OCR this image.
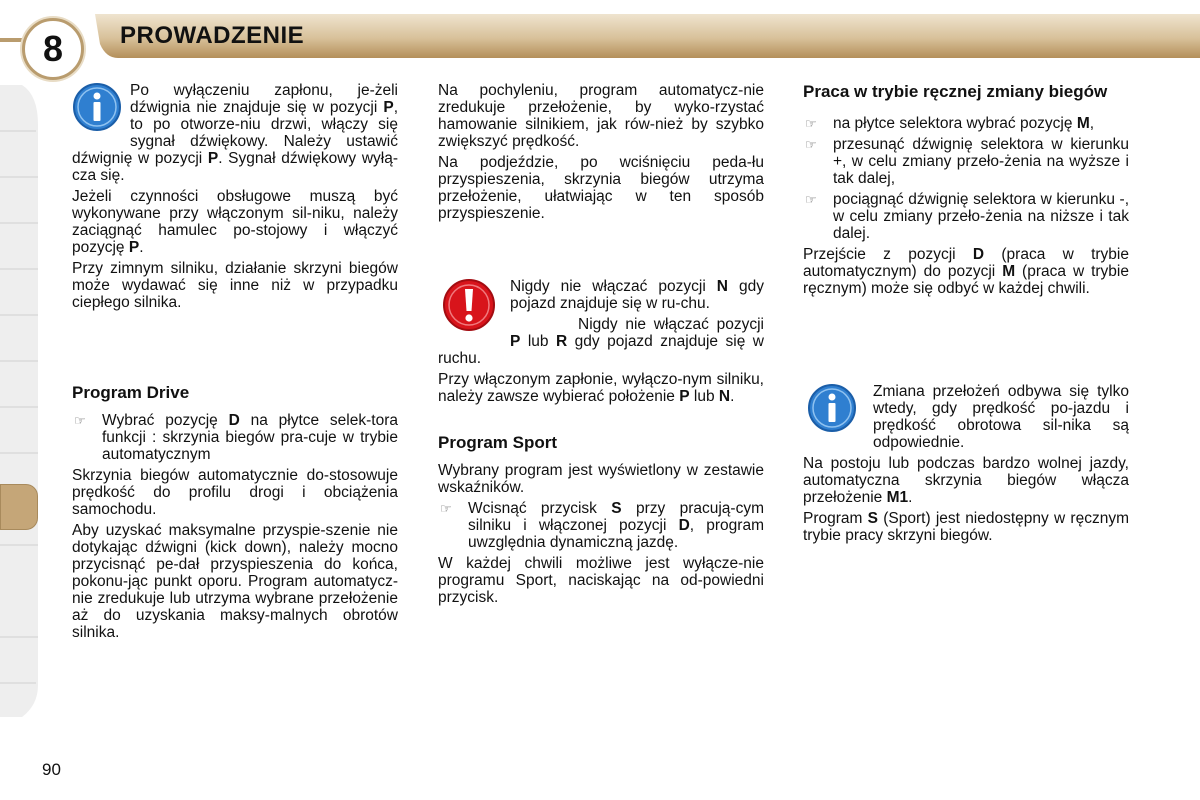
8 PROWADZENIE

Po wyłączeniu zapłonu, je-żeli dźwignia nie znajduje się w pozycji P, to po otworze-niu drzwi, włączy się sygnał dźwiękowy. Należy ustawić dźwignię w pozycji P. Sygnał dźwiękowy wyłą-cza się.

Jeżeli czynności obsługowe muszą być wykonywane przy włączonym sil-niku, należy zaciągnąć hamulec po-stojowy i włączyć pozycję P.

Przy zimnym silniku, działanie skrzyni biegów może wydawać się inne niż w przypadku ciepłego silnika.

Program Drive
☞ Wybrać pozycję D na płytce selek-tora funkcji : skrzynia biegów pra-cuje w trybie automatycznym

Skrzynia biegów automatycznie do-stosowuje prędkość do profilu drogi i obciążenia samochodu.

Aby uzyskać maksymalne przyspie-szenie nie dotykając dźwigni (kick down), należy mocno przycisnąć pe-dał przyspieszenia do końca, pokonu-jąc punkt oporu. Program automatycz-nie zredukuje lub utrzyma wybrane przełożenie aż do uzyskania maksy-malnych obrotów silnika.

Na pochyleniu, program automatycz-nie zredukuje przełożenie, by wyko-rzystać hamowanie silnikiem, jak rów-nież by szybko zwiększyć prędkość.

Na podjeździe, po wciśnięciu peda-łu przyspieszenia, skrzynia biegów utrzyma przełożenie, ułatwiając w ten sposób przyspieszenie.

Nigdy nie włączać pozycji N gdy pojazd znajduje się w ru-chu.

Nigdy nie włączać pozycji P lub R gdy pojazd znajduje się w ruchu.

Przy włączonym zapłonie, wyłączo-nym silniku, należy zawsze wybierać położenie P lub N.

Program Sport

Wybrany program jest wyświetlony w zestawie wskaźników.

☞ Wcisnąć przycisk S przy pracują-cym silniku i włączonej pozycji D, program uwzględnia dynamiczną jazdę.

W każdej chwili możliwe jest wyłącze-nie programu Sport, naciskając na od-powiedni przycisk.

Praca w trybie ręcznej zmiany biegów
☞ na płytce selektora wybrać pozycję M,
☞ przesunąć dźwignię selektora w kierunku +, w celu zmiany przeło-żenia na wyższe i tak dalej,
☞ pociągnąć dźwignię selektora w kierunku -, w celu zmiany przeło-żenia na niższe i tak dalej.

Przejście z pozycji D (praca w trybie automatycznym) do pozycji M (praca w trybie ręcznym) może się odbyć w każdej chwili.

Zmiana przełożeń odbywa się tylko wtedy, gdy prędkość po-jazdu i prędkość obrotowa sil-nika są odpowiednie.

Na postoju lub podczas bardzo wolnej jazdy, automatyczna skrzynia biegów włącza przełożenie M1.

Program S (Sport) jest niedostępny w ręcznym trybie pracy skrzyni biegów.

90
